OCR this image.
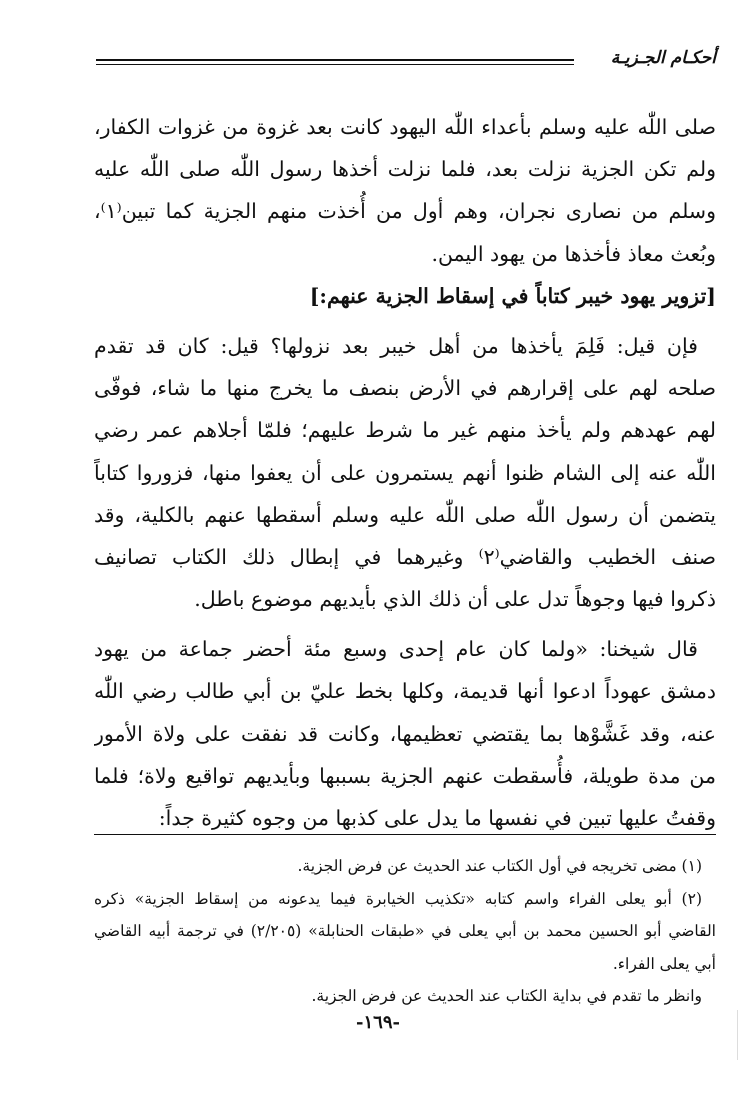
أحكـام الجـزيـة
صلى اللّٰه عليه وسلم بأعداء اللّٰه اليهود كانت بعد غزوة من غزوات الكفار،
ولم تكن الجزية نزلت بعد، فلما نزلت أخذها رسول اللّٰه صلى اللّٰه عليه
وسلم من نصارى نجران، وهم أول من أُخذت منهم الجزية كما تبين⁽١⁾،
وبُعث معاذ فأخذها من يهود اليمن.
[تزوير يهود خيبر كتاباً في إسقاط الجزية عنهم:]
فإن قيل: فَلِمَ يأخذها من أهل خيبر بعد نزولها؟ قيل: كان قد تقدم
صلحه لهم على إقرارهم في الأرض بنصف ما يخرج منها ما شاء، فوفّى
لهم عهدهم ولم يأخذ منهم غير ما شرط عليهم؛ فلمّا أجلاهم عمر رضي
اللّٰه عنه إلى الشام ظنوا أنهم يستمرون على أن يعفوا منها، فزوروا كتاباً
يتضمن أن رسول اللّٰه صلى اللّٰه عليه وسلم أسقطها عنهم بالكلية، وقد
صنف الخطيب والقاضي⁽٢⁾ وغيرهما في إبطال ذلك الكتاب تصانيف
ذكروا فيها وجوهاً تدل على أن ذلك الذي بأيديهم موضوع باطل.
قال شيخنا: «ولما كان عام إحدى وسبع مئة أحضر جماعة من يهود
دمشق عهوداً ادعوا أنها قديمة، وكلها بخط عليّ بن أبي طالب رضي اللّٰه
عنه، وقد غَشَّوْها بما يقتضي تعظيمها، وكانت قد نفقت على ولاة الأمور
من مدة طويلة، فأُسقطت عنهم الجزية بسببها وبأيديهم تواقيع ولاة؛ فلما
وقفتُ عليها تبين في نفسها ما يدل على كذبها من وجوه كثيرة جداً:
(١) مضى تخريجه في أول الكتاب عند الحديث عن فرض الجزية.
(٢) أبو يعلى الفراء واسم كتابه «تكذيب الخيابرة فيما يدعونه من إسقاط الجزية» ذكره
القاضي أبو الحسين محمد بن أبي يعلى في «طبقات الحنابلة» (٢/٢٠٥) في ترجمة أبيه القاضي
أبي يعلى الفراء.
وانظر ما تقدم في بداية الكتاب عند الحديث عن فرض الجزية.
-١٦٩-
